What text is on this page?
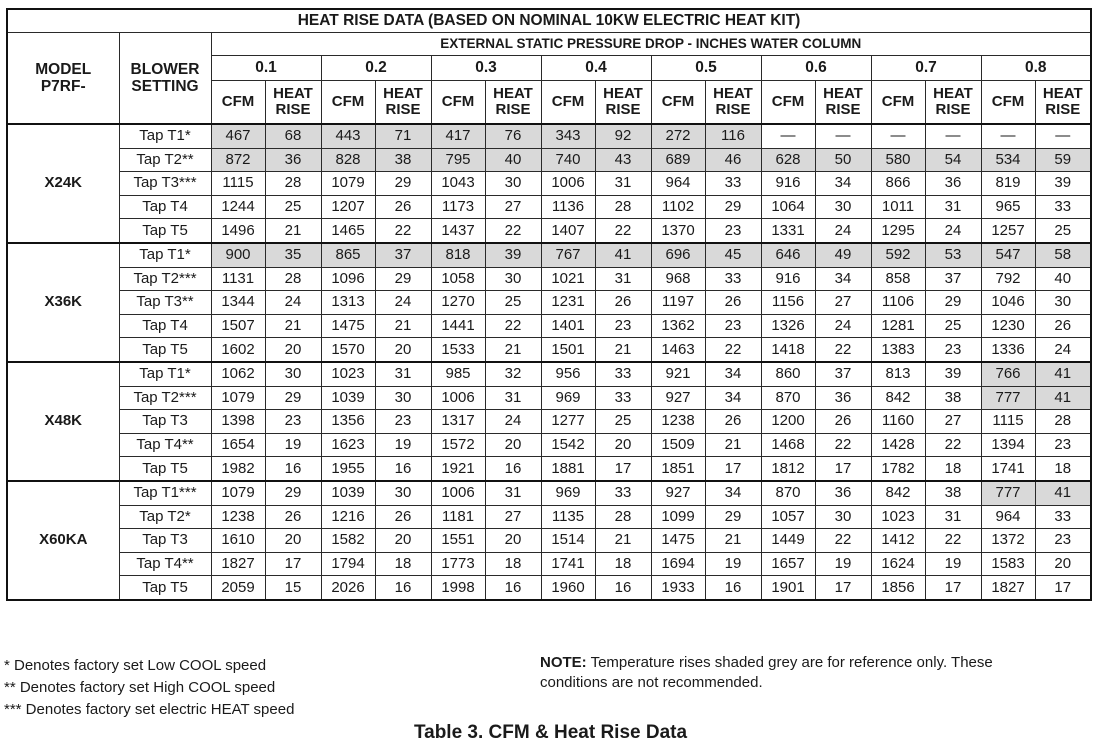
HEAT RISE DATA (BASED ON NOMINAL 10KW ELECTRIC HEAT KIT)																	
MODEL
P7RF-	BLOWER
SETTING	EXTERNAL STATIC PRESSURE DROP - INCHES WATER COLUMN															
		0.1		0.2		0.3		0.4		0.5		0.6		0.7		0.8	
		CFM	HEAT
RISE	CFM	HEAT
RISE	CFM	HEAT
RISE	CFM	HEAT
RISE	CFM	HEAT
RISE	CFM	HEAT
RISE	CFM	HEAT
RISE	CFM	HEAT
RISE
X24K	Tap T1*	467	68	443	71	417	76	343	92	272	116	—	—	—	—	—	—
	Tap T2**	872	36	828	38	795	40	740	43	689	46	628	50	580	54	534	59
	Tap T3***	1115	28	1079	29	1043	30	1006	31	964	33	916	34	866	36	819	39
	Tap T4	1244	25	1207	26	1173	27	1136	28	1102	29	1064	30	1011	31	965	33
	Tap T5	1496	21	1465	22	1437	22	1407	22	1370	23	1331	24	1295	24	1257	25
X36K	Tap T1*	900	35	865	37	818	39	767	41	696	45	646	49	592	53	547	58
	Tap T2***	1131	28	1096	29	1058	30	1021	31	968	33	916	34	858	37	792	40
	Tap T3**	1344	24	1313	24	1270	25	1231	26	1197	26	1156	27	1106	29	1046	30
	Tap T4	1507	21	1475	21	1441	22	1401	23	1362	23	1326	24	1281	25	1230	26
	Tap T5	1602	20	1570	20	1533	21	1501	21	1463	22	1418	22	1383	23	1336	24
X48K	Tap T1*	1062	30	1023	31	985	32	956	33	921	34	860	37	813	39	766	41
	Tap T2***	1079	29	1039	30	1006	31	969	33	927	34	870	36	842	38	777	41
	Tap T3	1398	23	1356	23	1317	24	1277	25	1238	26	1200	26	1160	27	1115	28
	Tap T4**	1654	19	1623	19	1572	20	1542	20	1509	21	1468	22	1428	22	1394	23
	Tap T5	1982	16	1955	16	1921	16	1881	17	1851	17	1812	17	1782	18	1741	18
X60KA	Tap T1***	1079	29	1039	30	1006	31	969	33	927	34	870	36	842	38	777	41
	Tap T2*	1238	26	1216	26	1181	27	1135	28	1099	29	1057	30	1023	31	964	33
	Tap T3	1610	20	1582	20	1551	20	1514	21	1475	21	1449	22	1412	22	1372	23
	Tap T4**	1827	17	1794	18	1773	18	1741	18	1694	19	1657	19	1624	19	1583	20
	Tap T5	2059	15	2026	16	1998	16	1960	16	1933	16	1901	17	1856	17	1827	17
* Denotes factory set Low COOL speed
** Denotes factory set High COOL speed
*** Denotes factory set electric HEAT speed
NOTE: Temperature rises shaded grey are for reference only. These conditions are not recommended.
Table 3. CFM & Heat Rise Data
